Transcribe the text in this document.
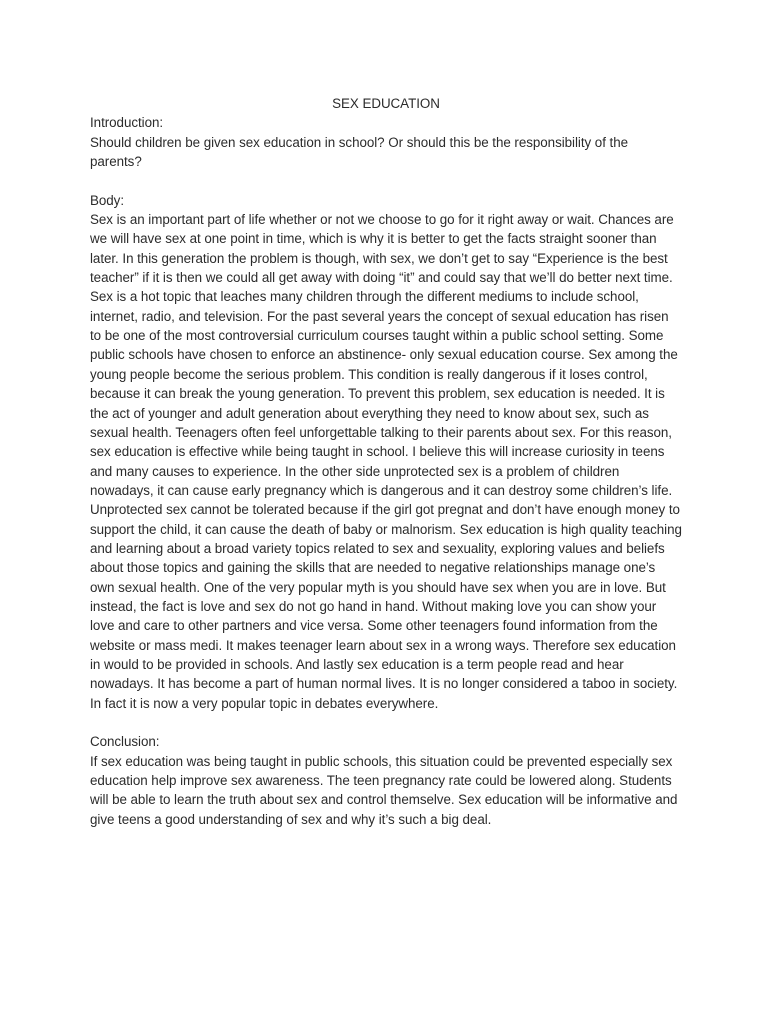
SEX EDUCATION

Introduction:

Should children be given sex education in school? Or should this be the responsibility of the parents?

Body:

Sex is an important part of life whether or not we choose to go for it right away or wait. Chances are we will have sex at one point in time, which is why it is better to get the facts straight sooner than later. In this generation the problem is though, with sex, we don’t get to say “Experience is the best teacher” if it is then we could all get away with doing “it” and could say that we’ll do better next time. Sex is a hot topic that leaches many children through the different mediums to include school, internet, radio, and television. For the past several years the concept of sexual education has risen to be one of the most controversial curriculum courses taught within a public school setting. Some public schools have chosen to enforce an abstinence- only sexual education course. Sex among the young people become the serious problem. This condition is really dangerous if it loses control, because it can break the young generation. To prevent this problem, sex education is needed. It is the act of younger and adult generation about everything they need to know about sex, such as sexual health. Teenagers often feel unforgettable talking to their parents about sex. For this reason, sex education is effective while being taught in school. I believe this will increase curiosity in teens and many causes to experience. In the other side unprotected sex is a problem of children nowadays, it can cause early pregnancy which is dangerous and it can destroy some children’s life. Unprotected sex cannot be tolerated because if the girl got pregnat and don’t have enough money to support the child, it can cause the death of baby or malnorism. Sex education is high quality teaching and learning about a broad variety topics related to sex and sexuality, exploring values and beliefs about those topics and gaining the skills that are needed to negative relationships manage one’s own sexual health. One of the very popular myth is you should have sex when you are in love. But instead, the fact is love and sex do not go hand in hand. Without making love you can show your love and care to other partners and vice versa. Some other teenagers found information from the website or mass medi. It makes teenager learn about sex in a wrong ways. Therefore sex education in would to be provided in schools. And lastly sex education is a term people read and hear nowadays. It has become a part of human normal lives. It is no longer considered a taboo in society. In fact it is now a very popular topic in debates everywhere.

Conclusion:

If sex education was being taught in public schools, this situation could be prevented especially sex education help improve sex awareness. The teen pregnancy rate could be lowered along. Students will be able to learn the truth about sex and control themselve. Sex education will be informative and give teens a good understanding of sex and why it’s such a big deal.
